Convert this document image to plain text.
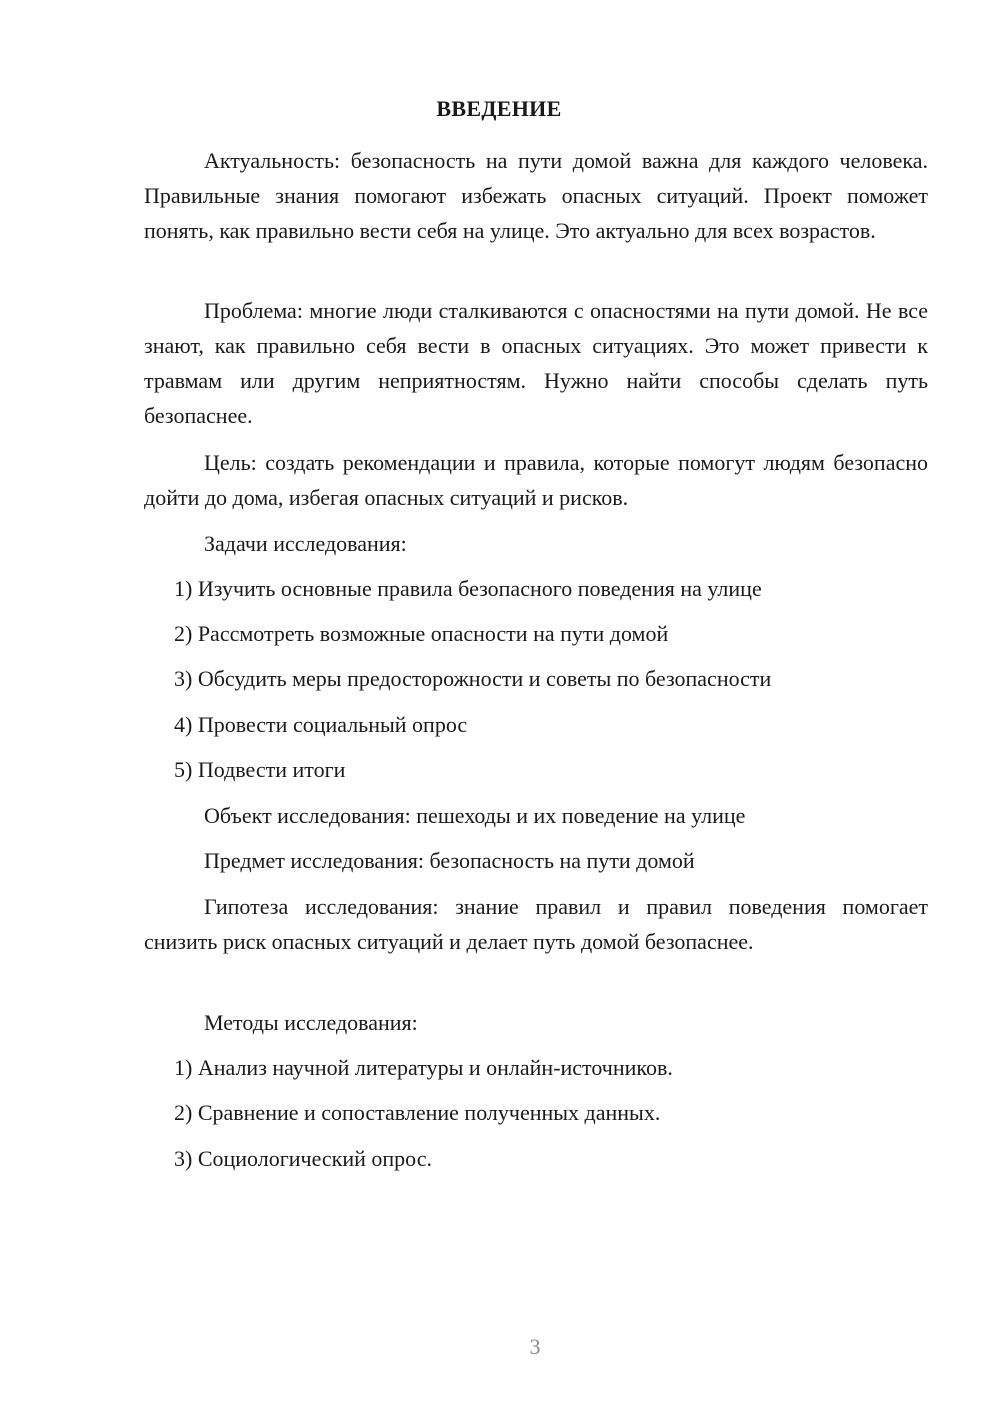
ВВЕДЕНИЕ

Актуальность: безопасность на пути домой важна для каждого человека. Правильные знания помогают избежать опасных ситуаций. Проект поможет понять, как правильно вести себя на улице. Это актуально для всех возрастов.

Проблема: многие люди сталкиваются с опасностями на пути домой. Не все знают, как правильно себя вести в опасных ситуациях. Это может привести к травмам или другим неприятностям. Нужно найти способы сделать путь безопаснее.

Цель: создать рекомендации и правила, которые помогут людям безопасно дойти до дома, избегая опасных ситуаций и рисков.

Задачи исследования:

1) Изучить основные правила безопасного поведения на улице

2) Рассмотреть возможные опасности на пути домой

3) Обсудить меры предосторожности и советы по безопасности

4) Провести социальный опрос

5) Подвести итоги

Объект исследования: пешеходы и их поведение на улице

Предмет исследования: безопасность на пути домой

Гипотеза исследования: знание правил и правил поведения помогает снизить риск опасных ситуаций и делает путь домой безопаснее.

Методы исследования:

1) Анализ научной литературы и онлайн-источников.

2) Сравнение и сопоставление полученных данных.

3) Социологический опрос.

3
